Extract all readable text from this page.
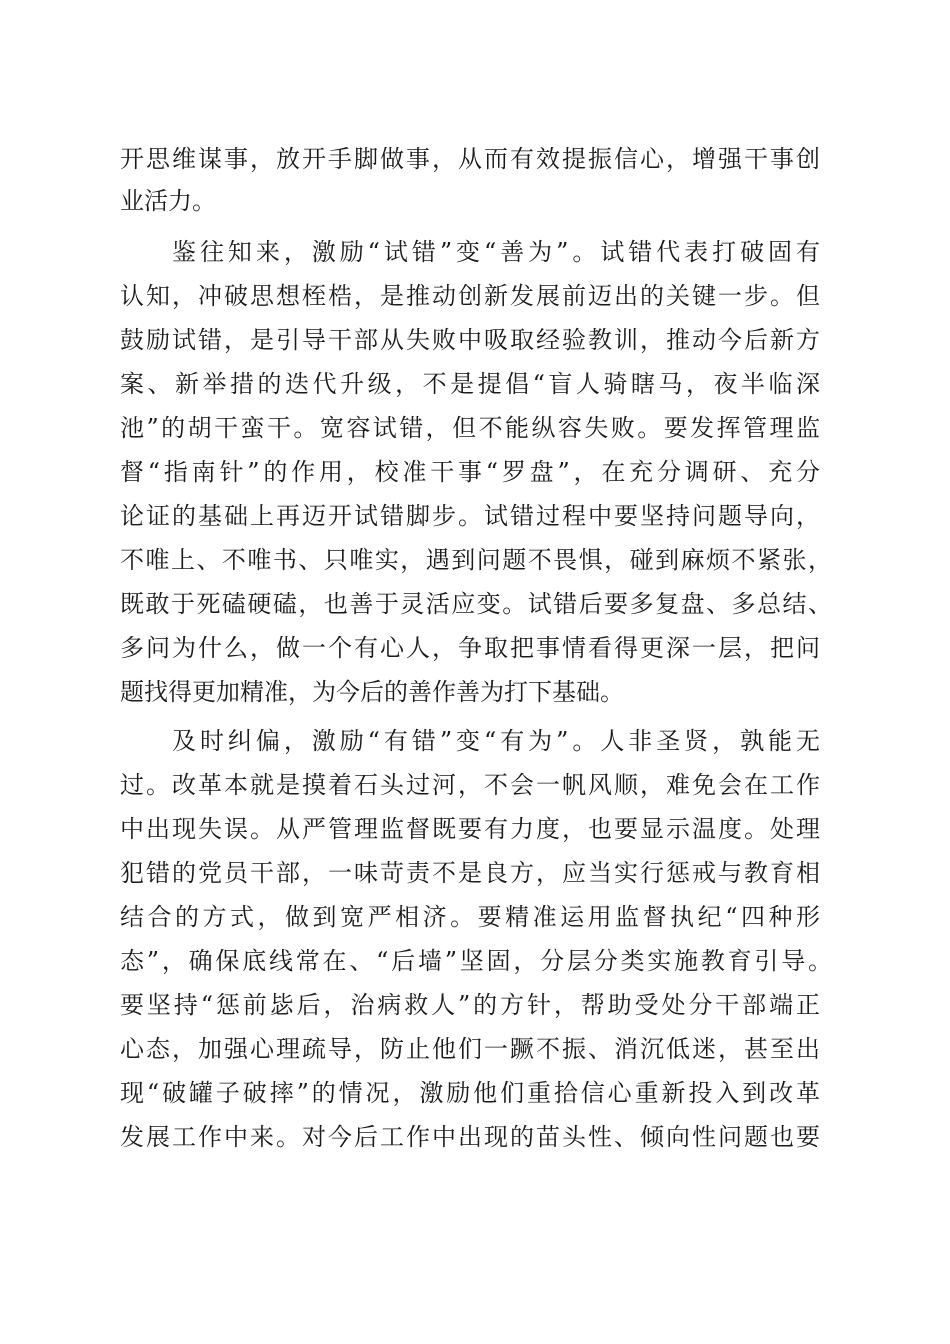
开思维谋事，放开手脚做事，从而有效提振信心，增强干事创
业活力。
鉴往知来，激励“试错”变“善为”。试错代表打破固有
认知，冲破思想桎梏，是推动创新发展前迈出的关键一步。但
鼓励试错，是引导干部从失败中吸取经验教训，推动今后新方
案、新举措的迭代升级，不是提倡“盲人骑瞎马，夜半临深
池”的胡干蛮干。宽容试错，但不能纵容失败。要发挥管理监
督“指南针”的作用，校准干事“罗盘”，在充分调研、充分
论证的基础上再迈开试错脚步。试错过程中要坚持问题导向，
不唯上、不唯书、只唯实，遇到问题不畏惧，碰到麻烦不紧张，
既敢于死磕硬磕，也善于灵活应变。试错后要多复盘、多总结、
多问为什么，做一个有心人，争取把事情看得更深一层，把问
题找得更加精准，为今后的善作善为打下基础。
及时纠偏，激励“有错”变“有为”。人非圣贤，孰能无
过。改革本就是摸着石头过河，不会一帆风顺，难免会在工作
中出现失误。从严管理监督既要有力度，也要显示温度。处理
犯错的党员干部，一味苛责不是良方，应当实行惩戒与教育相
结合的方式，做到宽严相济。要精准运用监督执纪“四种形
态”，确保底线常在、“后墙”坚固，分层分类实施教育引导。
要坚持“惩前毖后，治病救人”的方针，帮助受处分干部端正
心态，加强心理疏导，防止他们一蹶不振、消沉低迷，甚至出
现“破罐子破摔”的情况，激励他们重拾信心重新投入到改革
发展工作中来。对今后工作中出现的苗头性、倾向性问题也要
